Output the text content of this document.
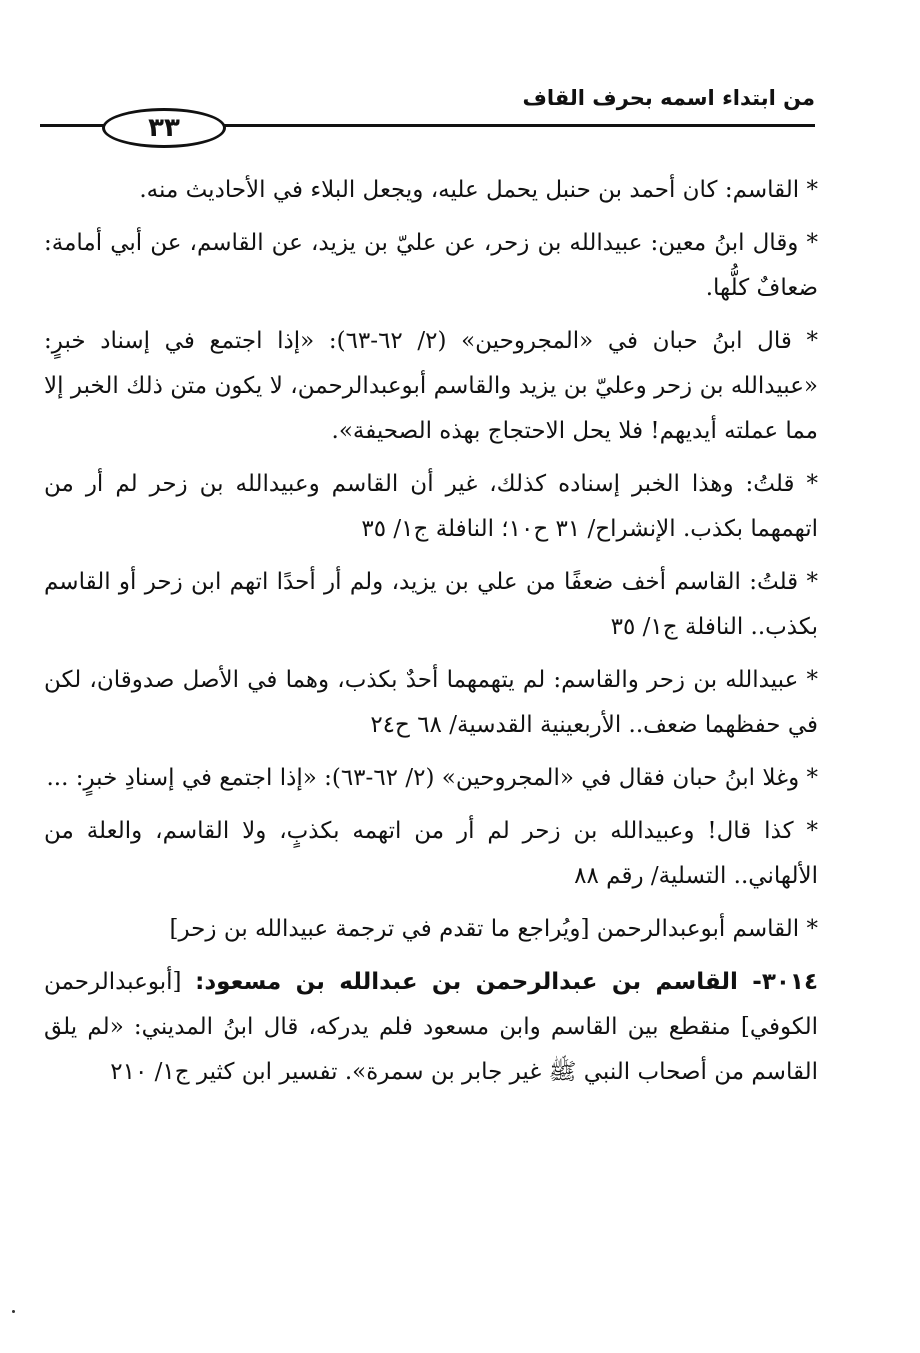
من ابتداء اسمه بحرف القاف
٣٣

* القاسم: كان أحمد بن حنبل يحمل عليه، ويجعل البلاء في الأحاديث منه.

* وقال ابنُ معين: عبيدالله بن زحر، عن عليّ بن يزيد، عن القاسم، عن أبي أمامة: ضعافٌ كلُّها.

* قال ابنُ حبان في «المجروحين» (٢/ ٦٢-٦٣): «إذا اجتمع في إسناد خبرٍ: «عبيدالله بن زحر وعليّ بن يزيد والقاسم أبوعبدالرحمن، لا يكون متن ذلك الخبر إلا مما عملته أيديهم! فلا يحل الاحتجاج بهذه الصحيفة».

* قلتُ: وهذا الخبر إسناده كذلك، غير أن القاسم وعبيدالله بن زحر لم أر من اتهمهما بكذب. الإنشراح/ ٣١ ح١٠؛ النافلة ج١/ ٣٥

* قلتُ: القاسم أخف ضعفًا من علي بن يزيد، ولم أر أحدًا اتهم ابن زحر أو القاسم بكذب.. النافلة ج١/ ٣٥

* عبيدالله بن زحر والقاسم: لم يتهمهما أحدٌ بكذب، وهما في الأصل صدوقان، لكن في حفظهما ضعف.. الأربعينية القدسية/ ٦٨ ح٢٤

* وغلا ابنُ حبان فقال في «المجروحين» (٢/ ٦٢-٦٣): «إذا اجتمع في إسنادِ خبرٍ: ...

* كذا قال! وعبيدالله بن زحر لم أر من اتهمه بكذبٍ، ولا القاسم، والعلة من الألهاني.. التسلية/ رقم ٨٨

* القاسم أبوعبدالرحمن [ويُراجع ما تقدم في ترجمة عبيدالله بن زحر]

٣٠١٤- القاسم بن عبدالرحمن بن عبدالله بن مسعود: [أبوعبدالرحمن الكوفي] منقطع بين القاسم وابن مسعود فلم يدركه، قال ابنُ المديني: «لم يلق القاسم من أصحاب النبي ﷺ غير جابر بن سمرة». تفسير ابن كثير ج١/ ٢١٠
